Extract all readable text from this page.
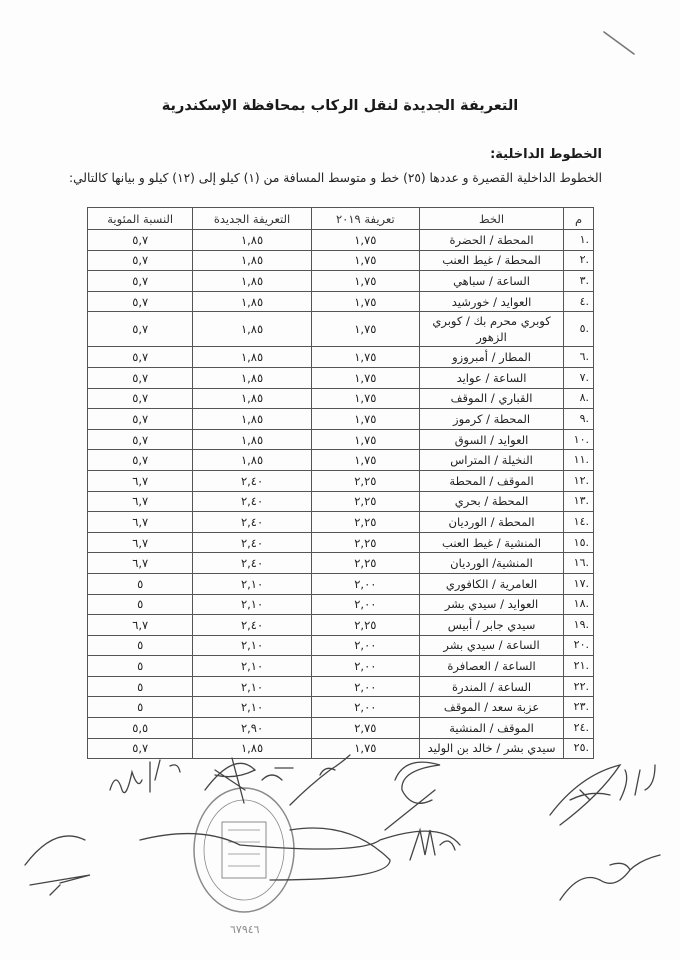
التعريفة الجديدة لنقل الركاب بمحافظة الإسكندرية
الخطوط الداخلية:
الخطوط الداخلية القصيرة و عددها (٢٥) خط و متوسط المسافة من (١) كيلو إلى (١٢) كيلو و بيانها كالتالي:
م	الخط	تعريفة ٢٠١٩	التعريفة الجديدة	النسبة المئوية
.١	المحطة / الحضرة	١,٧٥	١,٨٥	٥,٧
.٢	المحطة / غيط العنب	١,٧٥	١,٨٥	٥,٧
.٣	الساعة / سباهي	١,٧٥	١,٨٥	٥,٧
.٤	العوايد / خورشيد	١,٧٥	١,٨٥	٥,٧
.٥	كوبري محرم بك / كوبري الزهور	١,٧٥	١,٨٥	٥,٧
.٦	المطار / أمبروزو	١,٧٥	١,٨٥	٥,٧
.٧	الساعة / عوايد	١,٧٥	١,٨٥	٥,٧
.٨	القباري / الموقف	١,٧٥	١,٨٥	٥,٧
.٩	المحطة / كرموز	١,٧٥	١,٨٥	٥,٧
.١٠	العوايد / السوق	١,٧٥	١,٨٥	٥,٧
.١١	النخيلة / المتراس	١,٧٥	١,٨٥	٥,٧
.١٢	الموقف / المحطة	٢,٢٥	٢,٤٠	٦,٧
.١٣	المحطة / بحري	٢,٢٥	٢,٤٠	٦,٧
.١٤	المحطة / الورديان	٢,٢٥	٢,٤٠	٦,٧
.١٥	المنشية / غيط العنب	٢,٢٥	٢,٤٠	٦,٧
.١٦	المنشية/ الورديان	٢,٢٥	٢,٤٠	٦,٧
.١٧	العامرية / الكافوري	٢,٠٠	٢,١٠	٥
.١٨	العوايد / سيدي بشر	٢,٠٠	٢,١٠	٥
.١٩	سيدي جابر / أبيس	٢,٢٥	٢,٤٠	٦,٧
.٢٠	الساعة / سيدي بشر	٢,٠٠	٢,١٠	٥
.٢١	الساعة / العصافرة	٢,٠٠	٢,١٠	٥
.٢٢	الساعة / المندرة	٢,٠٠	٢,١٠	٥
.٢٣	عزبة سعد / الموقف	٢,٠٠	٢,١٠	٥
.٢٤	الموقف / المنشية	٢,٧٥	٢,٩٠	٥,٥
.٢٥	سيدي بشر / خالد بن الوليد	١,٧٥	١,٨٥	٥,٧
٦٧٩٤٦
